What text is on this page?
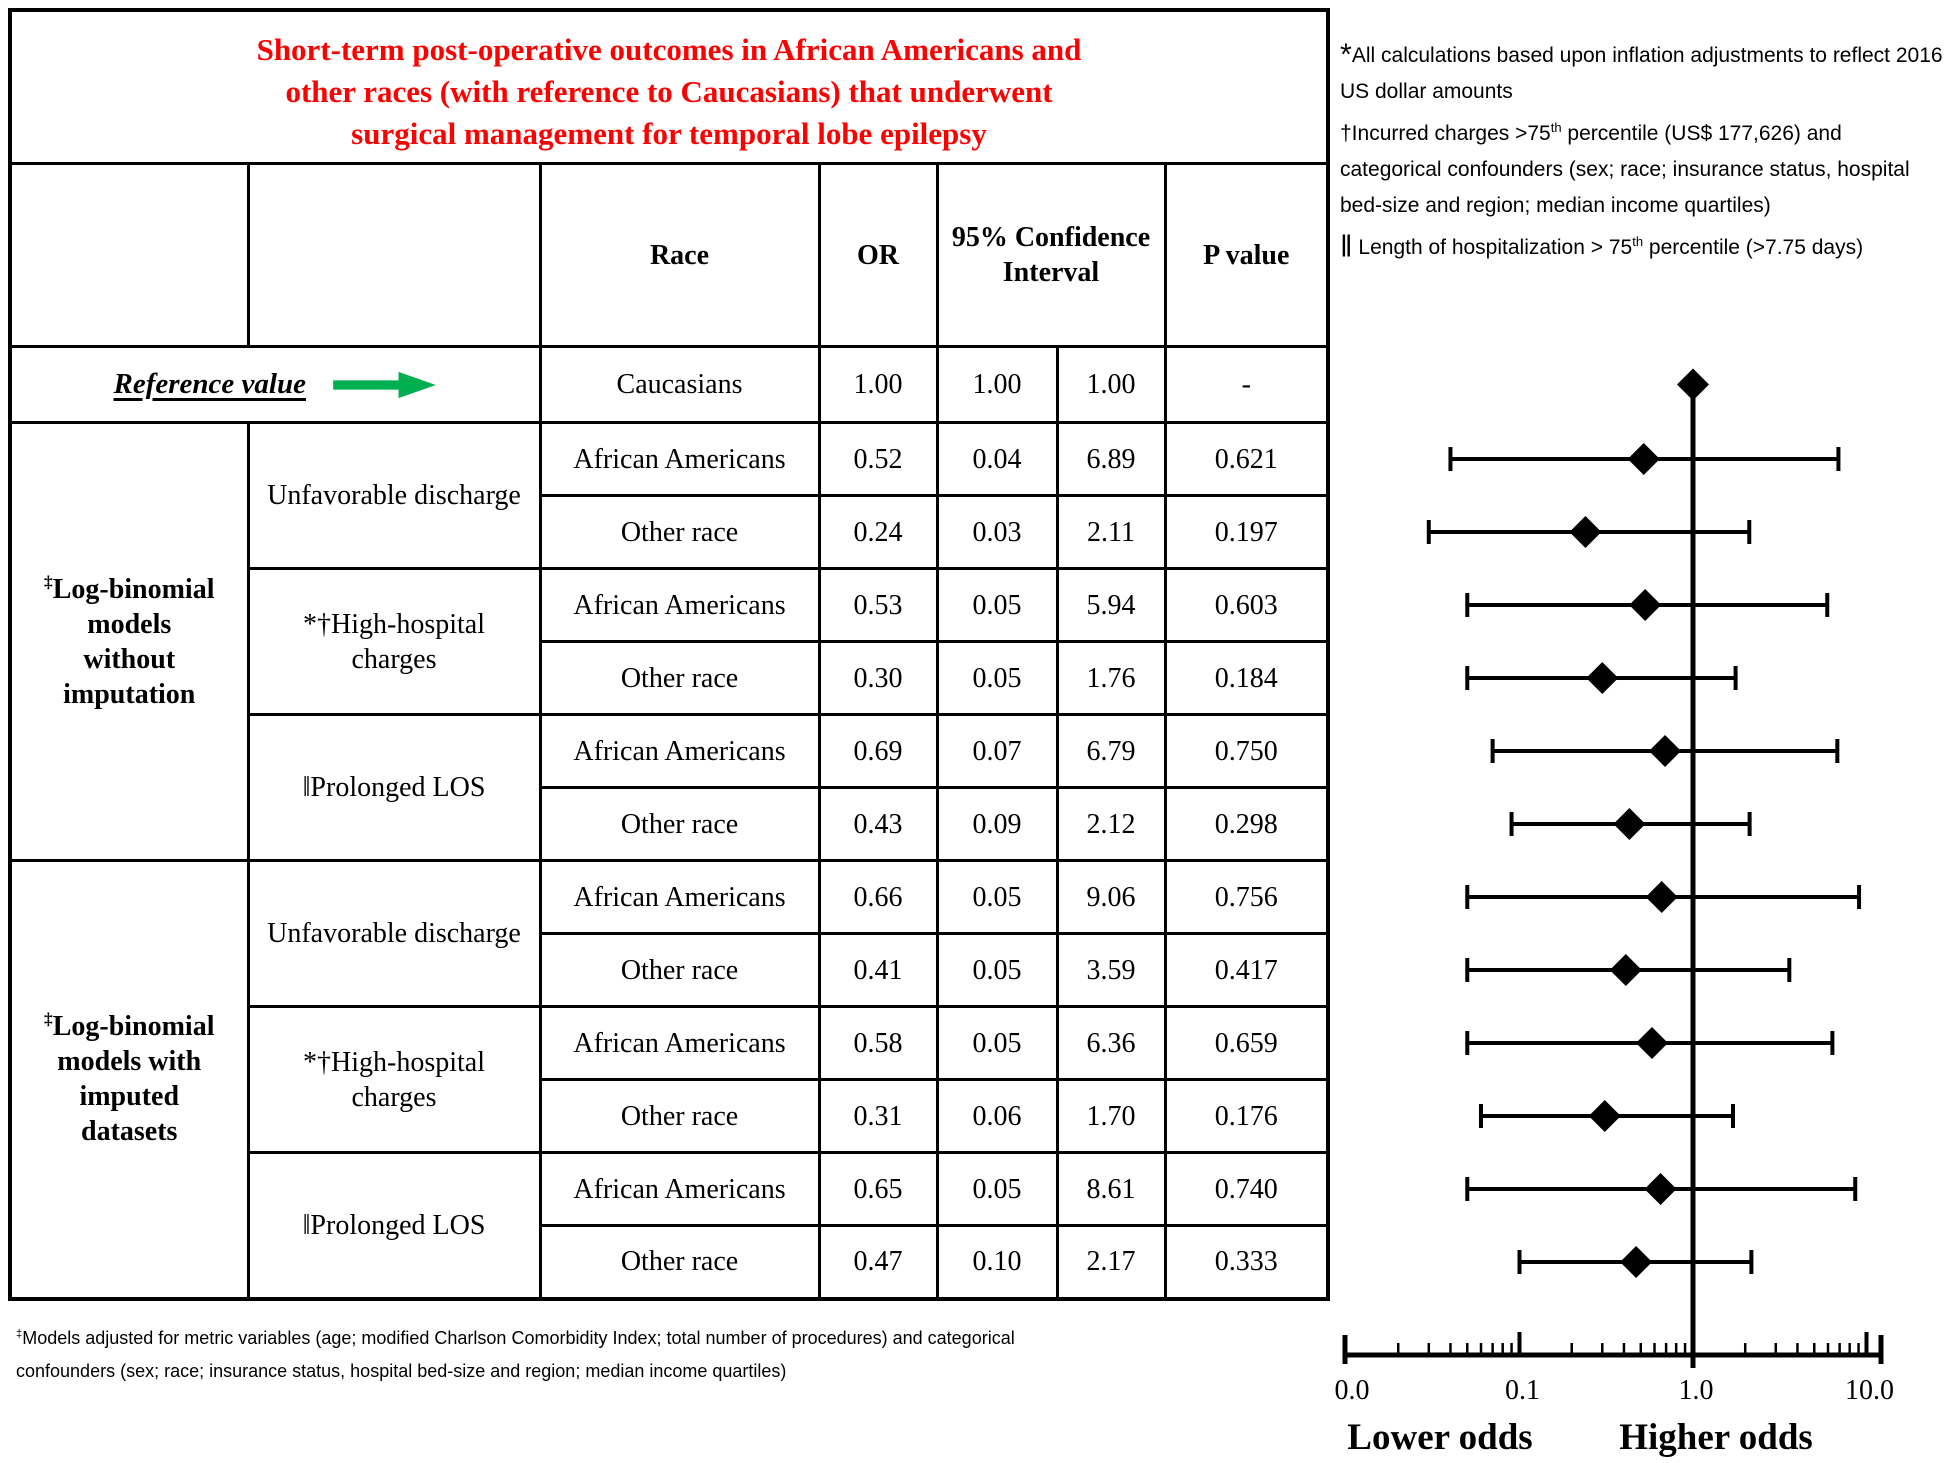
Short-term post-operative outcomes in African Americans and
other races (with reference to Caucasians) that underwent
surgical management for temporal lobe epilepsy						

		Race	OR	95% Confidence Interval		P value

Reference value		Caucasians	1.00	1.00	1.00	-
‡Log-binomial models without imputation	Unfavorable discharge	African Americans	0.52	0.04	6.89	0.621
		Other race	0.24	0.03	2.11	0.197
	*†High-hospital charges	African Americans	0.53	0.05	5.94	0.603
		Other race	0.30	0.05	1.76	0.184
	‖Prolonged LOS	African Americans	0.69	0.07	6.79	0.750
		Other race	0.43	0.09	2.12	0.298
‡Log-binomial models with imputed datasets	Unfavorable discharge	African Americans	0.66	0.05	9.06	0.756
		Other race	0.41	0.05	3.59	0.417
	*†High-hospital charges	African Americans	0.58	0.05	6.36	0.659
		Other race	0.31	0.06	1.70	0.176
	‖Prolonged LOS	African Americans	0.65	0.05	8.61	0.740
		Other race	0.47	0.10	2.17	0.333

*All calculations based upon inflation adjustments to reflect 2016 US dollar amounts

†Incurred charges >75th percentile (US$ 177,626) and categorical confounders (sex; race; insurance status, hospital bed-size and region; median income quartiles)

‖ Length of hospitalization > 75th percentile (>7.75 days)

‡Models adjusted for metric variables (age; modified Charlson Comorbidity Index; total number of procedures) and categorical confounders (sex; race; insurance status, hospital bed-size and region; median income quartiles)

0.0	0.1	1.0	10.0
Lower odds Higher odds
